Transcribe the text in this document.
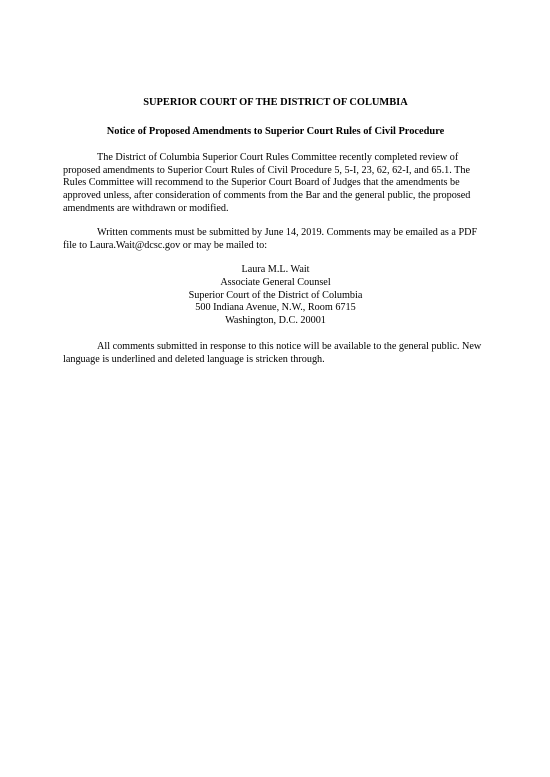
SUPERIOR COURT OF THE DISTRICT OF COLUMBIA
Notice of Proposed Amendments to Superior Court Rules of Civil Procedure

The District of Columbia Superior Court Rules Committee recently completed review of proposed amendments to Superior Court Rules of Civil Procedure 5, 5-I, 23, 62, 62-I, and 65.1. The Rules Committee will recommend to the Superior Court Board of Judges that the amendments be approved unless, after consideration of comments from the Bar and the general public, the proposed amendments are withdrawn or modified.

Written comments must be submitted by June 14, 2019. Comments may be emailed as a PDF file to Laura.Wait@dcsc.gov or may be mailed to:

Laura M.L. Wait
Associate General Counsel
Superior Court of the District of Columbia
500 Indiana Avenue, N.W., Room 6715
Washington, D.C. 20001

All comments submitted in response to this notice will be available to the general public. New language is underlined and deleted language is stricken through.
